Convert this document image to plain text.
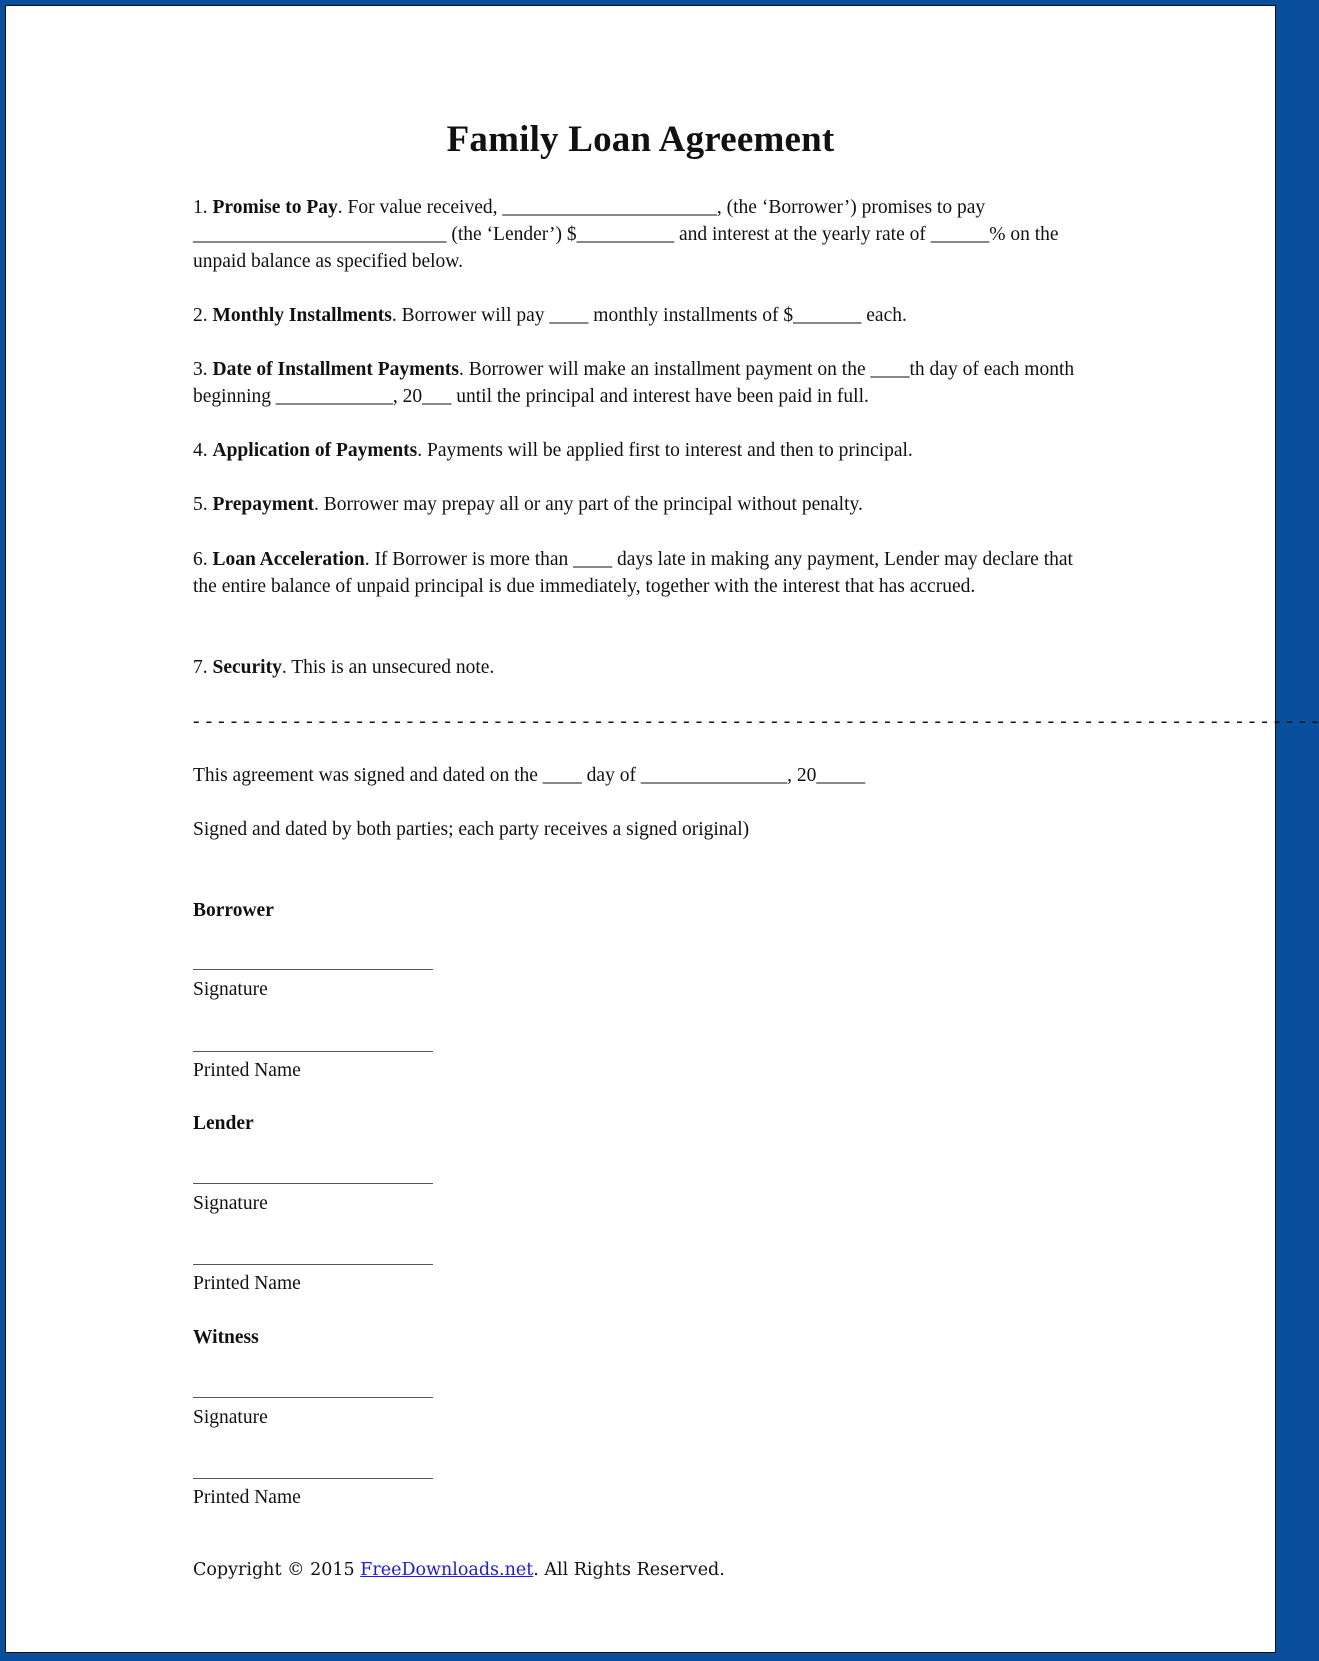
Family Loan Agreement
1. Promise to Pay. For value received, ______________________, (the ‘Borrower’) promises to pay __________________________ (the ‘Lender’) $__________ and interest at the yearly rate of ______% on the unpaid balance as specified below.
2. Monthly Installments. Borrower will pay ____ monthly installments of $_______ each.
3. Date of Installment Payments. Borrower will make an installment payment on the ____th day of each month beginning ____________, 20___ until the principal and interest have been paid in full.
4. Application of Payments. Payments will be applied first to interest and then to principal.
5. Prepayment. Borrower may prepay all or any part of the principal without penalty.
6. Loan Acceleration. If Borrower is more than ____ days late in making any payment, Lender may declare that the entire balance of unpaid principal is due immediately, together with the interest that has accrued.
7. Security. This is an unsecured note.
- - - - - - - - - - - - - - - - - - - - - - - - - - - - - - - - - - - - - - - - - - - - - - - - - - - - - - - - - - - - - - - - - - - - - - - - - - - - - - - - - - - - - - - - - -
This agreement was signed and dated on the ____ day of _______________, 20_____
Signed and dated by both parties; each party receives a signed original)
Borrower
Signature
Printed Name
Lender
Signature
Printed Name
Witness
Signature
Printed Name
Copyright © 2015 FreeDownloads.net. All Rights Reserved.
